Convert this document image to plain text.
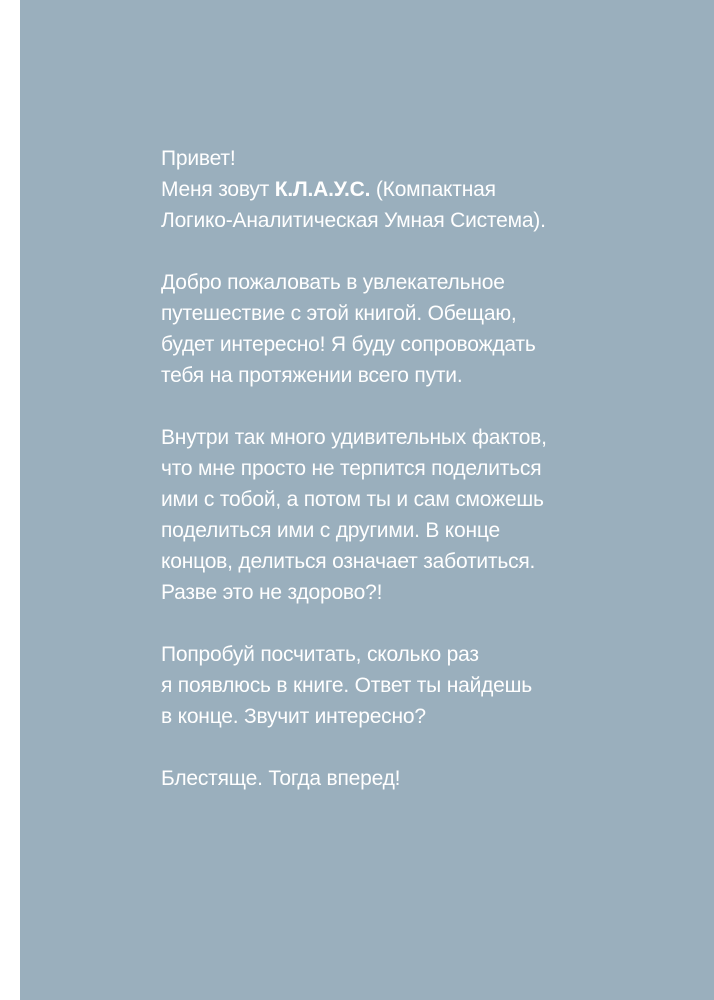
Привет!
Меня зовут К.Л.А.У.С. (Компактная
Логико-Аналитическая Умная Система).

Добро пожаловать в увлекательное
путешествие с этой книгой. Обещаю,
будет интересно! Я буду сопровождать
тебя на протяжении всего пути.

Внутри так много удивительных фактов,
что мне просто не терпится поделиться
ими с тобой, а потом ты и сам сможешь
поделиться ими с другими. В конце
концов, делиться означает заботиться.
Разве это не здорово?!

Попробуй посчитать, сколько раз
я появлюсь в книге. Ответ ты найдешь
в конце. Звучит интересно?

Блестяще. Тогда вперед!
